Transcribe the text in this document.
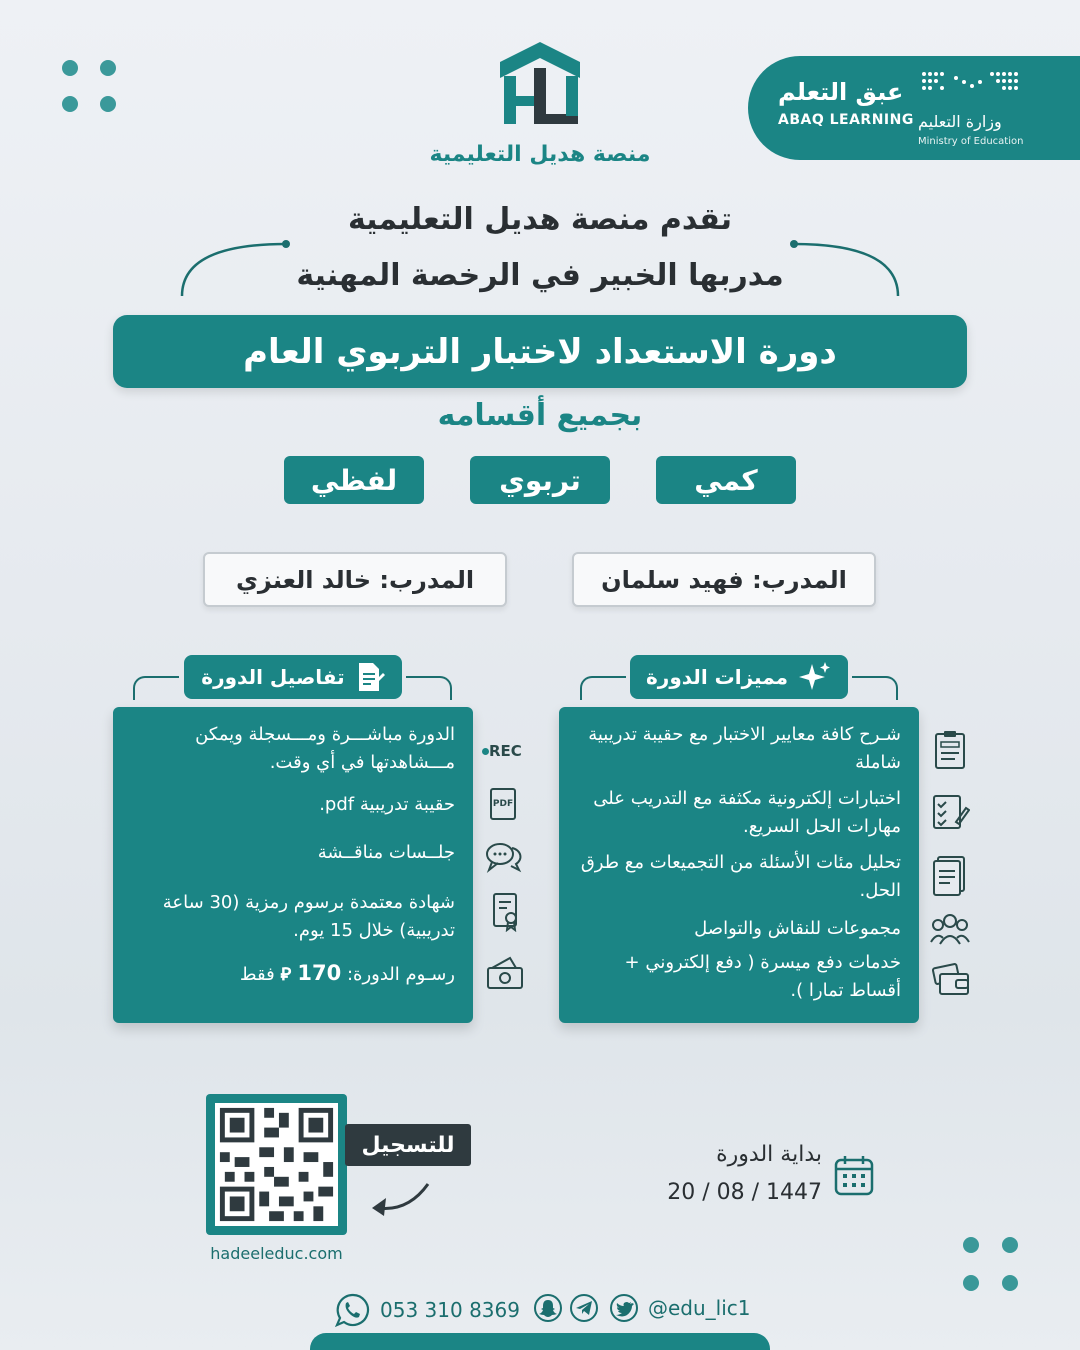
عبق التعلم
ABAQ LEARNING وزارة التعليم
Ministry of Education
منصة هديل التعليمية
تقدم منصة هديل التعليمية
مدربها الخبير في الرخصة المهنية
دورة الاستعداد لاختبار التربوي العام
بجميع أقسامه
كمي
تربوي
لفظي
المدرب: فهيد سلمان
المدرب: خالد العنزي
مميزات الدورة
تفاصيل الدورة
شـرح كافة معايير الاختبار مع حقيبة تدريبية شاملة
اختبارات إلكترونية مكثفة مع التدريب على مهارات الحل السريع.
تحليل مئات الأسئلة من التجميعات مع طرق الحل.
مجموعات للنقاش والتواصل
خدمات دفع ميسرة ( دفع إلكتروني + أقساط تمارا ).
الدورة مباشـــرة ومـــسجلة ويمكن مـــشاهدتها في أي وقت.
حقيبة تدريبية pdf.
جلــسات مناقــشة
شهادة معتمدة برسوم رمزية (30 ساعة تدريبية) خلال 15 يوم.
رسـوم الدورة: 170 ⃁ فقط
REC
PDF
بداية الدورة
20 / 08 / 1447
للتسجيل
hadeeleduc.com
053 310 8369	@edu_lic1
